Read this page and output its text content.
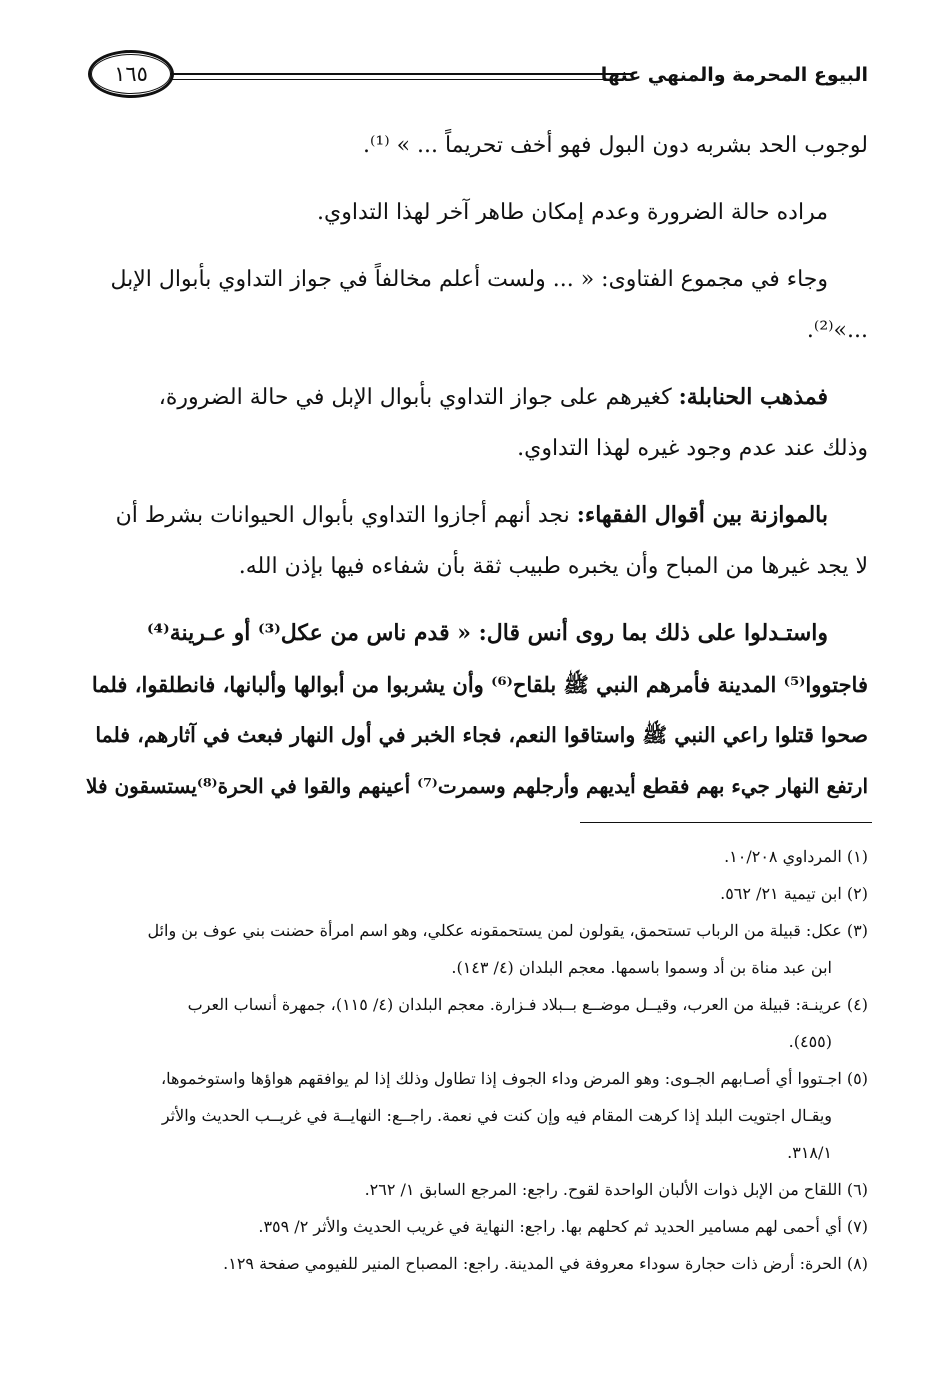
البيوع المحرمة والمنهي عنها
١٦٥

لوجوب الحد بشربه دون البول فهو أخف تحريماً ... » ⁽¹⁾.

مراده حالة الضرورة وعدم إمكان طاهر آخر لهذا التداوي.

وجاء في مجموع الفتاوى: « ... ولست أعلم مخالفاً في جواز التداوي بأبوال الإبل
...»⁽²⁾.

فمذهب الحنابلة: كغيرهم على جواز التداوي بأبوال الإبل في حالة الضرورة،
وذلك عند عدم وجود غيره لهذا التداوي.

بالموازنة بين أقوال الفقهاء: نجد أنهم أجازوا التداوي بأبوال الحيوانات بشرط أن
لا يجد غيرها من المباح وأن يخبره طبيب ثقة بأن شفاءه فيها بإذن الله.

واستـدلوا على ذلك بما روى أنس قال: « قدم ناس من عكل⁽³⁾ أو عـرينة⁽⁴⁾
فاجتووا⁽⁵⁾ المدينة فأمرهم النبي ﷺ بلقاح⁽⁶⁾ وأن يشربوا من أبوالها وألبانها، فانطلقوا، فلما
صحوا قتلوا راعي النبي ﷺ واستاقوا النعم، فجاء الخبر في أول النهار فبعث في آثارهم، فلما
ارتفع النهار جيء بهم فقطع أيديهم وأرجلهم وسمرت⁽⁷⁾ أعينهم والقوا في الحرة⁽⁸⁾يستسقون فلا

(١) المرداوي ١٠/٢٠٨.

(٢) ابن تيمية ٢١/ ٥٦٢.

(٣) عكل: قبيلة من الرباب تستحمق، يقولون لمن يستحمقونه عكلي، وهو اسم امرأة حضنت بني عوف بن وائل
ابن عبد مناة بن أد وسموا باسمها. معجم البلدان (٤/ ١٤٣).

(٤) عرينـة: قبيلة من العرب، وقيــل موضــع بــبلاد فـزارة. معجم البلدان (٤/ ١١٥)، جمهرة أنساب العرب
(٤٥٥).

(٥) اجـتووا أي أصـابهم الجـوى: وهو المرض وداء الجوف إذا تطاول وذلك إذا لم يوافقهم هواؤها واستوخموها،
ويقـال اجتويت البلد إذا كرهت المقام فيه وإن كنت في نعمة. راجــع: النهايــة في غريــب الحديث والأثر
٣١٨/١.

(٦) اللقاح من الإبل ذوات الألبان الواحدة لقوح. راجع: المرجع السابق ١/ ٢٦٢.

(٧) أي أحمى لهم مسامير الحديد ثم كحلهم بها. راجع: النهاية في غريب الحديث والأثر ٢/ ٣٥٩.

(٨) الحرة: أرض ذات حجارة سوداء معروفة في المدينة. راجع: المصباح المنير للفيومي صفحة ١٢٩.
